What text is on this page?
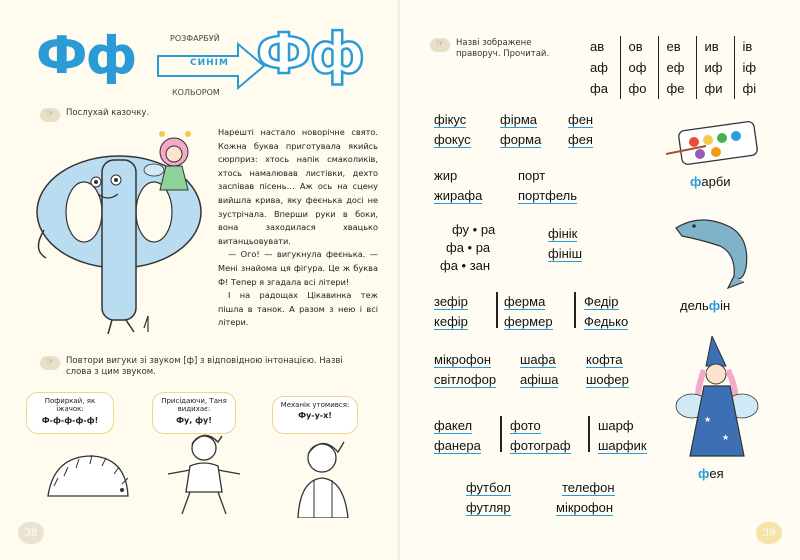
Фф	РОЗФАРБУЙ
СИНІМ
КОЛЬОРОМ
Фф
☞	Послухай казочку.

Нарешті настало новорічне свято. Кожна буква приготувала якийсь сюрприз: хтось напік смаколиків, хтось намалював листівки, дехто заспівав пісень… Аж ось на сцену вийшла крива, яку феєнька досі не зустрічала. Вперши руки в боки, вона заходилася хвацько витанцьовувати.

— Ого! — вигукнула феєнька. — Мені знайома ця фігура. Це ж буква Ф! Тепер я згадала всі літери!

І на радощах Цікавинка теж пішла в танок. А разом з нею і всі літери.

☞	Повтори вигуки зі звуком [ф] з відповідною інтонацією. Назві слова з цим звуком.
Пофиркай, як їжачок:
Ф-ф-ф-ф-ф!
Присідаючи, Таня видихає:
Фу, фу!
Механік утомився:
Фу-у-х!
38	39
☞	Назві зображене праворуч. Прочитай.
ав	ов	ев	ив	ів
аф	оф	еф	иф	іф
фа	фо	фе	фи	фі
фікус	фірма фен
фокус форма фея
жир	порт
жирафа	портфель
фу • ра
фа • ра
фа • зан
фінік
фініш
зефір	ферма	Федір
кефір	фермер Федько
мікрофон шафа кофта
світлофор афіша шофер
факел	фото	шарф
фанера фотограф шарфик
футбол	телефон
футляр	мікрофон
фарби
дельфін
★
★
фея
